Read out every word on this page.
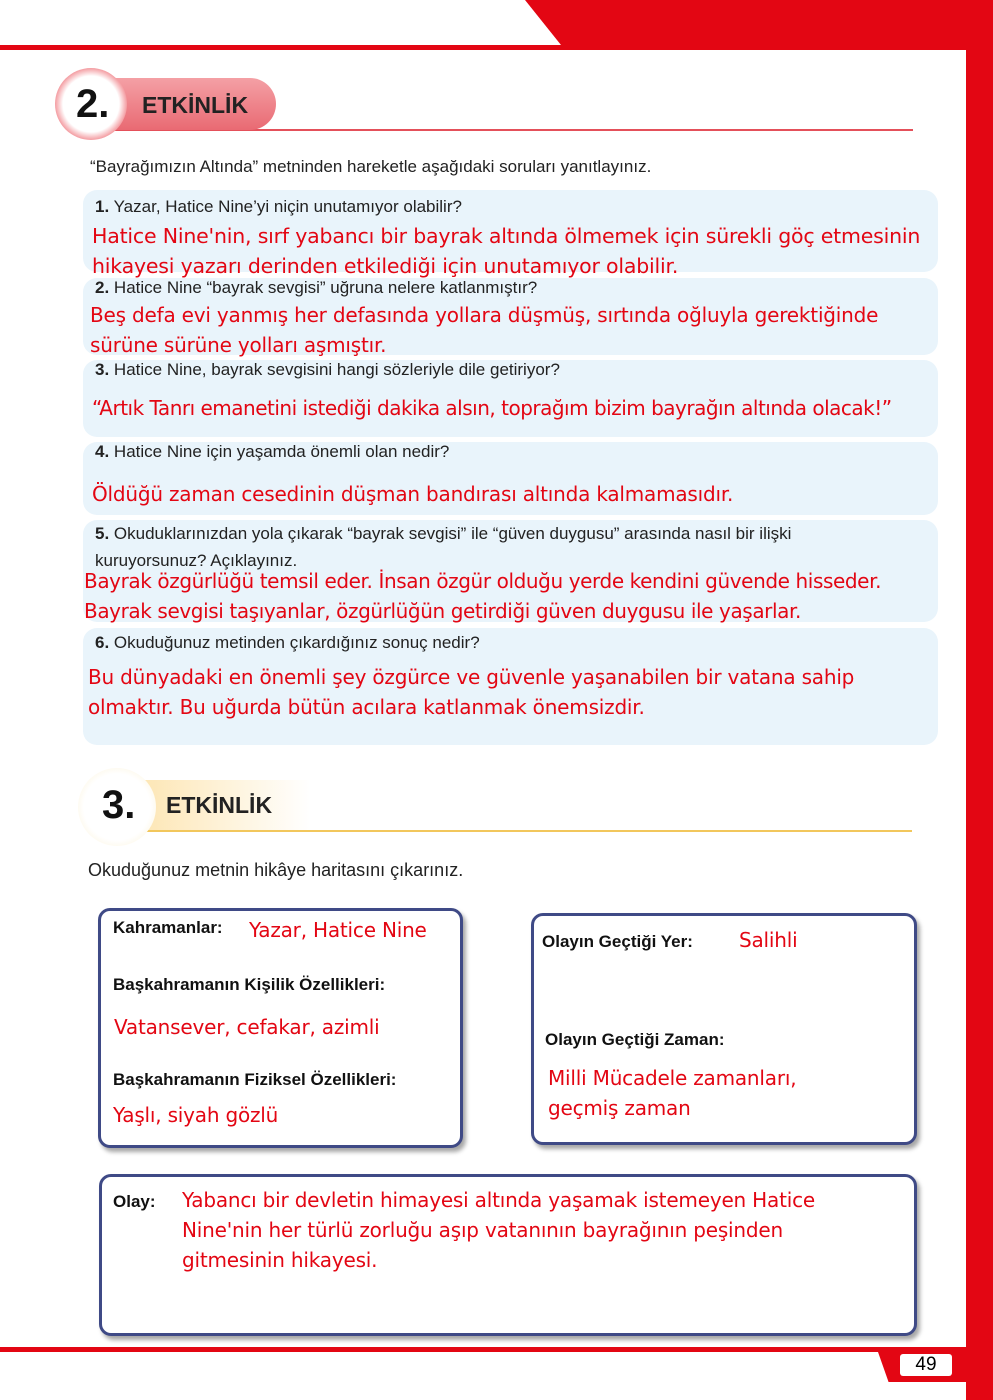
49
2. ETKİNLİK
“Bayrağımızın Altında” metninden hareketle aşağıdaki soruları yanıtlayınız.
1. Yazar, Hatice Nine’yi niçin unutamıyor olabilir?
Hatice Nine'nin, sırf yabancı bir bayrak altında ölmemek için sürekli göç etmesinin
hikayesi yazarı derinden etkilediği için unutamıyor olabilir.
2. Hatice Nine “bayrak sevgisi” uğruna nelere katlanmıştır?
Beş defa evi yanmış her defasında yollara düşmüş, sırtında oğluyla gerektiğinde
sürüne sürüne yolları aşmıştır.
3. Hatice Nine, bayrak sevgisini hangi sözleriyle dile getiriyor?
“Artık Tanrı emanetini istediği dakika alsın, toprağım bizim bayrağın altında olacak!”
4. Hatice Nine için yaşamda önemli olan nedir?
Öldüğü zaman cesedinin düşman bandırası altında kalmamasıdır.
5. Okuduklarınızdan yola çıkarak “bayrak sevgisi” ile “güven duygusu” arasında nasıl bir ilişki
kuruyorsunuz? Açıklayınız.
Bayrak özgürlüğü temsil eder. İnsan özgür olduğu yerde kendini güvende hisseder.
Bayrak sevgisi taşıyanlar, özgürlüğün getirdiği güven duygusu ile yaşarlar.
6. Okuduğunuz metinden çıkardığınız sonuç nedir?
Bu dünyadaki en önemli şey özgürce ve güvenle yaşanabilen bir vatana sahip
olmaktır. Bu uğurda bütün acılara katlanmak önemsizdir.
3. ETKİNLİK
Okuduğunuz metnin hikâye haritasını çıkarınız.
Kahramanlar: Yazar, Hatice Nine
Başkahramanın Kişilik Özellikleri:
Vatansever, cefakar, azimli
Başkahramanın Fiziksel Özellikleri:
Yaşlı, siyah gözlü
Olayın Geçtiği Yer: Salihli
Olayın Geçtiği Zaman:
Milli Mücadele zamanları,
geçmiş zaman
Olay: Yabancı bir devletin himayesi altında yaşamak istemeyen Hatice
Nine'nin her türlü zorluğu aşıp vatanının bayrağının peşinden
gitmesinin hikayesi.
